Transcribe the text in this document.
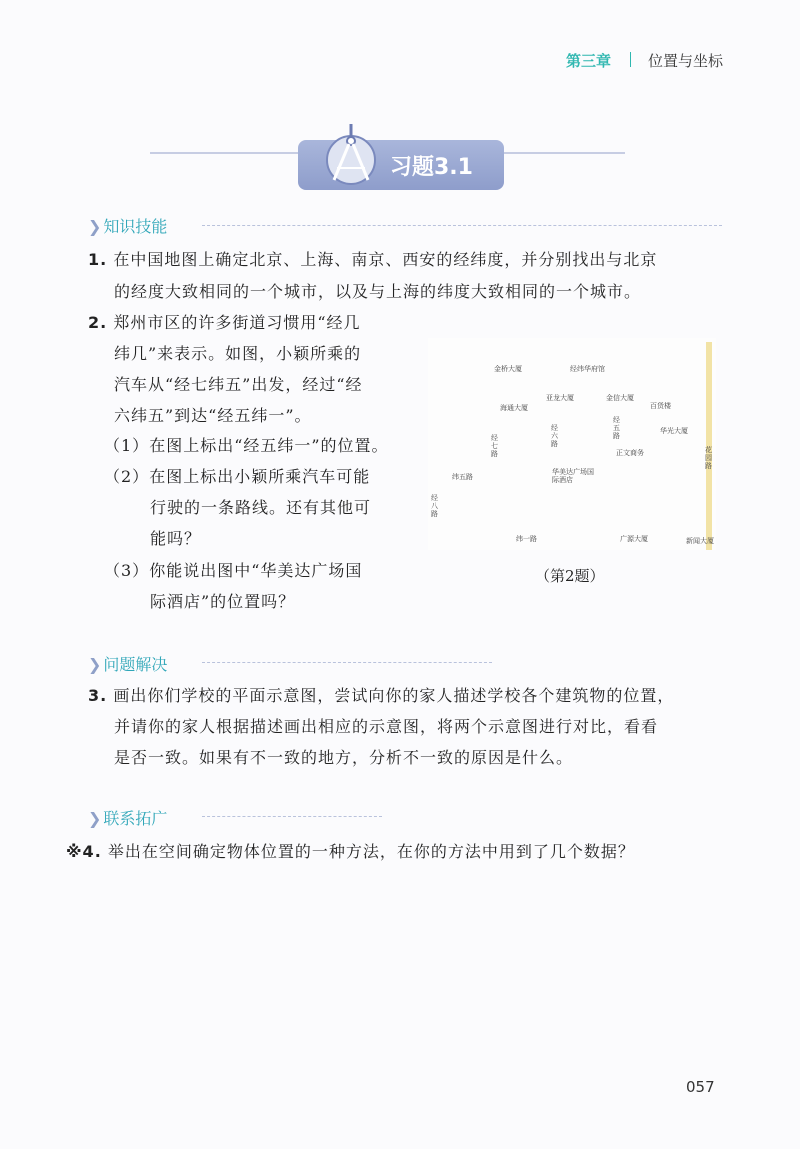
第三章 位置与坐标
习题3.1
❯ 知识技能
1. 在中国地图上确定北京、上海、南京、西安的经纬度，并分别找出与北京
的经度大致相同的一个城市，以及与上海的纬度大致相同的一个城市。
2. 郑州市区的许多街道习惯用“经几
纬几”来表示。如图，小颖所乘的
汽车从“经七纬五”出发，经过“经
六纬五”到达“经五纬一”。
（1）在图上标出“经五纬一”的位置。
（2）在图上标出小颖所乘汽车可能
行驶的一条路线。还有其他可
能吗？
（3）你能说出图中“华美达广场国
际酒店”的位置吗？
金桥大厦	经纬华府馆
亚龙大厦	金信大厦
海通大厦	百货楼
华光大厦
正文商务
华美达广场国际酒店
广源大厦	新闻大厦
经七路
经六路
经五路
经八路
纬五路
纬一路
花园路
（第2题）
❯ 问题解决
3. 画出你们学校的平面示意图，尝试向你的家人描述学校各个建筑物的位置，
并请你的家人根据描述画出相应的示意图，将两个示意图进行对比，看看
是否一致。如果有不一致的地方，分析不一致的原因是什么。
❯ 联系拓广
※4. 举出在空间确定物体位置的一种方法，在你的方法中用到了几个数据？
057
